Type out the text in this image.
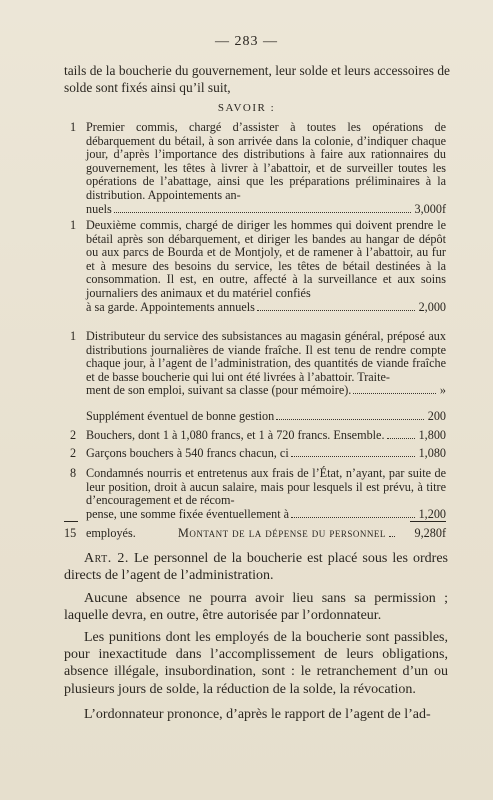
— 283 —
tails de la boucherie du gouvernement, leur solde et leurs accessoires de solde sont fixés ainsi qu’il suit,
SAVOIR :
1 Premier commis, chargé d’assister à toutes les opérations de débarquement du bétail, à son arrivée dans la colonie, d’indiquer chaque jour, d’après l’importance des distributions à faire aux rationnaires du gouvernement, les têtes à livrer à l’abattoir, et de surveiller toutes les opérations de l’abattage, ainsi que les préparations préliminaires à la distribution. Appointements an-
nuels	3,000f
1 Deuxième commis, chargé de diriger les hommes qui doivent prendre le bétail après son débarquement, et diriger les bandes au hangar de dépôt ou aux parcs de Bourda et de Montjoly, et de ramener à l’abattoir, au fur et à mesure des besoins du service, les têtes de bétail destinées à la consommation. Il est, en outre, affecté à la surveillance et aux soins journaliers des animaux et du matériel confiés
à sa garde. Appointements annuels	2,000
1 Distributeur du service des subsistances au magasin général, préposé aux distributions journalières de viande fraîche. Il est tenu de rendre compte chaque jour, à l’agent de l’administration, des quantités de viande fraîche et de basse boucherie qui lui ont été livrées à l’abattoir. Traite-
ment de son emploi, suivant sa classe (pour mémoire).	»
Supplément éventuel de bonne gestion	200
2 Bouchers, dont 1 à 1,080 francs, et 1 à 720 francs. Ensemble.	1,800
2 Garçons bouchers à 540 francs chacun, ci	1,080
8 Condamnés nourris et entretenus aux frais de l’État, n’ayant, par suite de leur position, droit à aucun salaire, mais pour lesquels il est prévu, à titre d’encouragement et de récom-
pense, une somme fixée éventuellement à	1,200
15 employés.	Montant de la dépense du personnel 9,280f

Art. 2. Le personnel de la boucherie est placé sous les ordres directs de l’agent de l’administration.

Aucune absence ne pourra avoir lieu sans sa permission ; laquelle devra, en outre, être autorisée par l’ordonnateur.

Les punitions dont les employés de la boucherie sont passibles, pour inexactitude dans l’accomplissement de leurs obligations, absence illégale, insubordination, sont : le retranchement d’un ou plusieurs jours de solde, la réduction de la solde, la révocation.

L’ordonnateur prononce, d’après le rapport de l’agent de l’ad-
